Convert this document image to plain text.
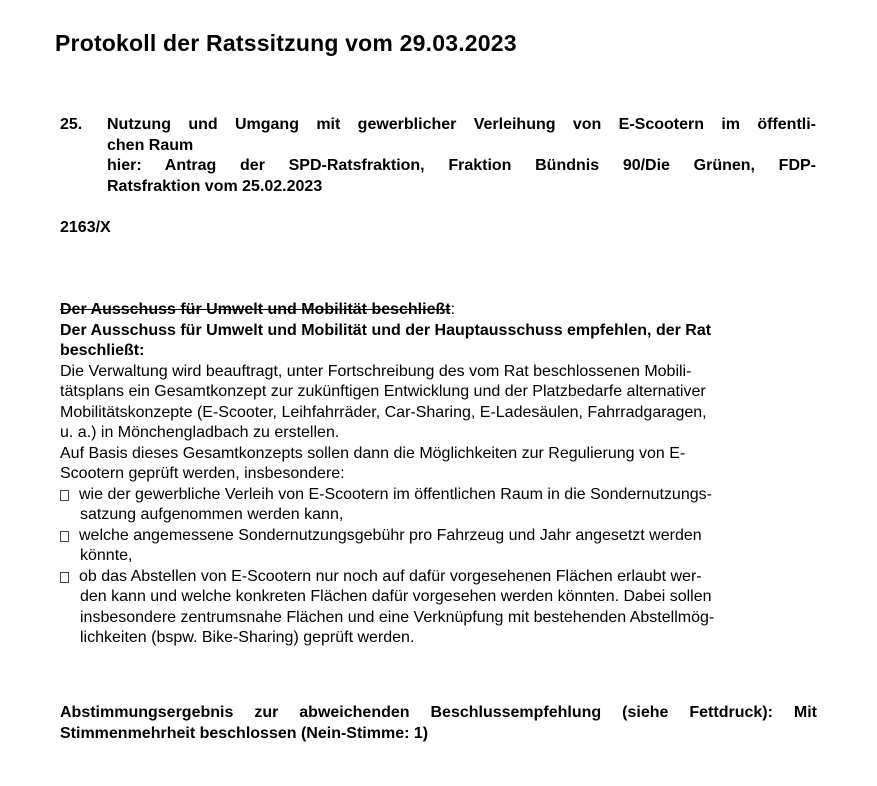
Protokoll der Ratssitzung vom 29.03.2023
25. Nutzung und Umgang mit gewerblicher Verleihung von E-Scootern im öffentli-
chen Raum
hier: Antrag der SPD-Ratsfraktion, Fraktion Bündnis 90/Die Grünen, FDP-
Ratsfraktion vom 25.02.2023
2163/X
Der Ausschuss für Umwelt und Mobilität beschließt:
Der Ausschuss für Umwelt und Mobilität und der Hauptausschuss empfehlen, der Rat
beschließt:
Die Verwaltung wird beauftragt, unter Fortschreibung des vom Rat beschlossenen Mobili-
tätsplans ein Gesamtkonzept zur zukünftigen Entwicklung und der Platzbedarfe alternativer
Mobilitätskonzepte (E-Scooter, Leihfahrräder, Car-Sharing, E-Ladesäulen, Fahrradgaragen,
u. a.) in Mönchengladbach zu erstellen.
Auf Basis dieses Gesamtkonzepts sollen dann die Möglichkeiten zur Regulierung von E-
Scootern geprüft werden, insbesondere:
wie der gewerbliche Verleih von E-Scootern im öffentlichen Raum in die Sondernutzungs-
satzung aufgenommen werden kann,
welche angemessene Sondernutzungsgebühr pro Fahrzeug und Jahr angesetzt werden
könnte,
ob das Abstellen von E-Scootern nur noch auf dafür vorgesehenen Flächen erlaubt wer-
den kann und welche konkreten Flächen dafür vorgesehen werden könnten. Dabei sollen
insbesondere zentrumsnahe Flächen und eine Verknüpfung mit bestehenden Abstellmög-
lichkeiten (bspw. Bike-Sharing) geprüft werden.
Abstimmungsergebnis zur abweichenden Beschlussempfehlung (siehe Fettdruck): Mit
Stimmenmehrheit beschlossen (Nein-Stimme: 1)
